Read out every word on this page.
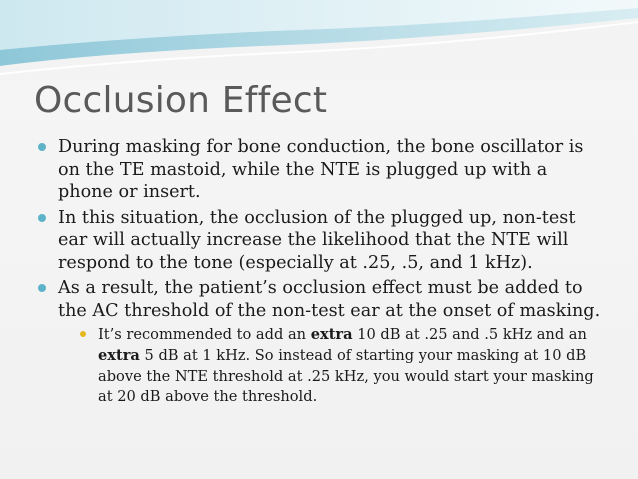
Occlusion Effect
During masking for bone conduction, the bone oscillator is on the TE mastoid, while the NTE is plugged up with a phone or insert.
In this situation, the occlusion of the plugged up, non-test ear will actually increase the likelihood that the NTE will respond to the tone (especially at .25, .5, and 1 kHz).
As a result, the patient’s occlusion effect must be added to the AC threshold of the non-test ear at the onset of masking.
It’s recommended to add an extra 10 dB at .25 and .5 kHz and an extra 5 dB at 1 kHz. So instead of starting your masking at 10 dB above the NTE threshold at .25 kHz, you would start your masking at 20 dB above the threshold.
